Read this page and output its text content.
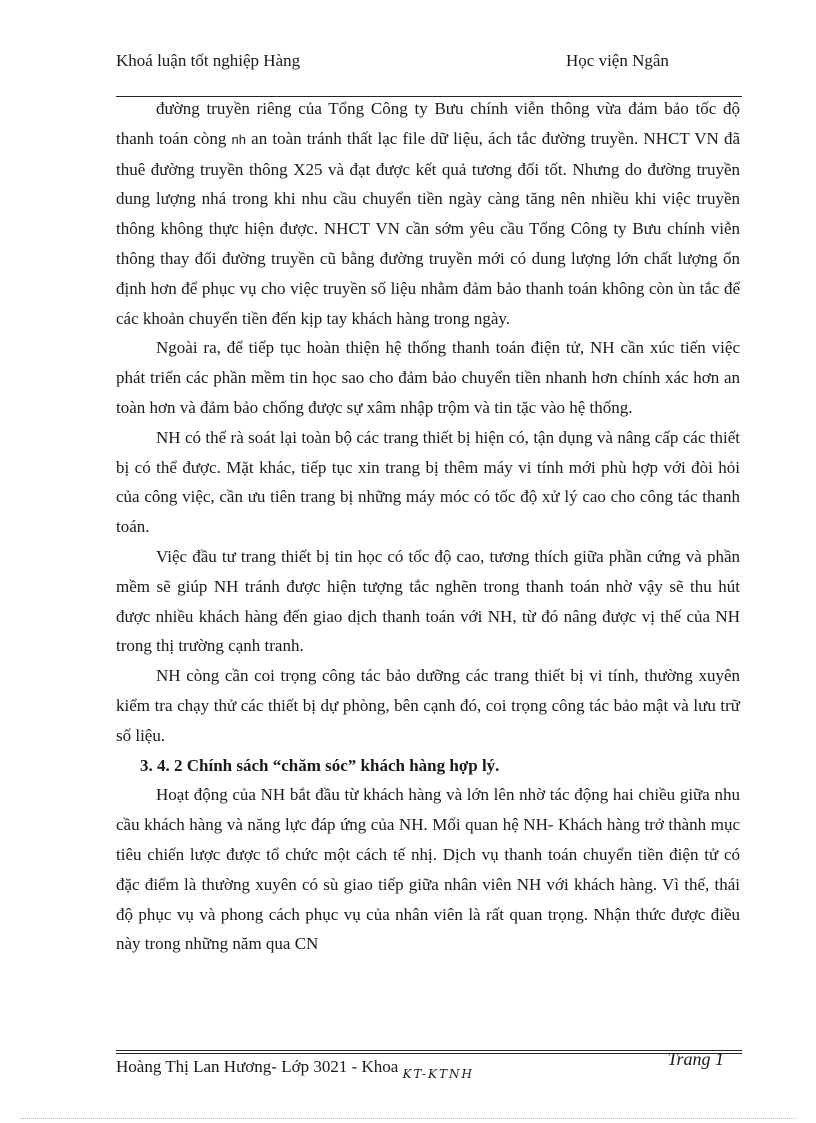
Khoá luận tốt nghiệp Hàng	Học viện Ngân

đường truyền riêng của Tổng Công ty Bưu chính viễn thông vừa đảm bảo tốc độ thanh toán còng nh an toàn tránh thất lạc file dữ liệu, ách tắc đường truyền. NHCT VN đã thuê đường truyền thông X25 và đạt được kết quả tương đối tốt. Nhưng do đường truyền dung lượng nhá trong khi nhu cầu chuyển tiền ngày càng tăng nên nhiều khi việc truyền thông không thực hiện được. NHCT VN cần sớm yêu cầu Tổng Công ty Bưu chính viễn thông thay đổi đường truyền cũ bằng đường truyền mới có dung lượng lớn chất lượng ổn định hơn để phục vụ cho việc truyền số liệu nhằm đảm bảo thanh toán không còn ùn tắc để các khoản chuyển tiền đến kịp tay khách hàng trong ngày.

Ngoài ra, để tiếp tục hoàn thiện hệ thống thanh toán điện tử, NH cần xúc tiến việc phát triển các phần mềm tin học sao cho đảm bảo chuyển tiền nhanh hơn chính xác hơn an toàn hơn và đảm bảo chống được sự xâm nhập trộm và tin tặc vào hệ thống.

NH có thể rà soát lại toàn bộ các trang thiết bị hiện có, tận dụng và nâng cấp các thiết bị có thể được. Mặt khác, tiếp tục xin trang bị thêm máy vi tính mới phù hợp với đòi hỏi của công việc, cần ưu tiên trang bị những máy móc có tốc độ xử lý cao cho công tác thanh toán.

Việc đầu tư trang thiết bị tin học có tốc độ cao, tương thích giữa phần cứng và phần mềm sẽ giúp NH tránh được hiện tượng tắc nghẽn trong thanh toán nhờ vậy sẽ thu hút được nhiều khách hàng đến giao dịch thanh toán với NH, từ đó nâng được vị thế của NH trong thị trường cạnh tranh.

NH còng cần coi trọng công tác bảo dưỡng các trang thiết bị vi tính, thường xuyên kiểm tra chạy thử các thiết bị dự phòng, bên cạnh đó, coi trọng công tác bảo mật và lưu trữ số liệu.

3. 4. 2 Chính sách “chăm sóc” khách hàng hợp lý.

Hoạt động của NH bắt đầu từ khách hàng và lớn lên nhờ tác động hai chiều giữa nhu cầu khách hàng và năng lực đáp ứng của NH. Mối quan hệ NH- Khách hàng trở thành mục tiêu chiến lược được tổ chức một cách tế nhị. Dịch vụ thanh toán chuyển tiền điện tử có đặc điểm là thường xuyên có sù giao tiếp giữa nhân viên NH với khách hàng. Vì thế, thái độ phục vụ và phong cách phục vụ của nhân viên là rất quan trọng. Nhận thức được điều này trong những năm qua CN

Hoàng Thị Lan Hương- Lớp 3021 - Khoa $_{KT-KTNH}$
Trang 1
